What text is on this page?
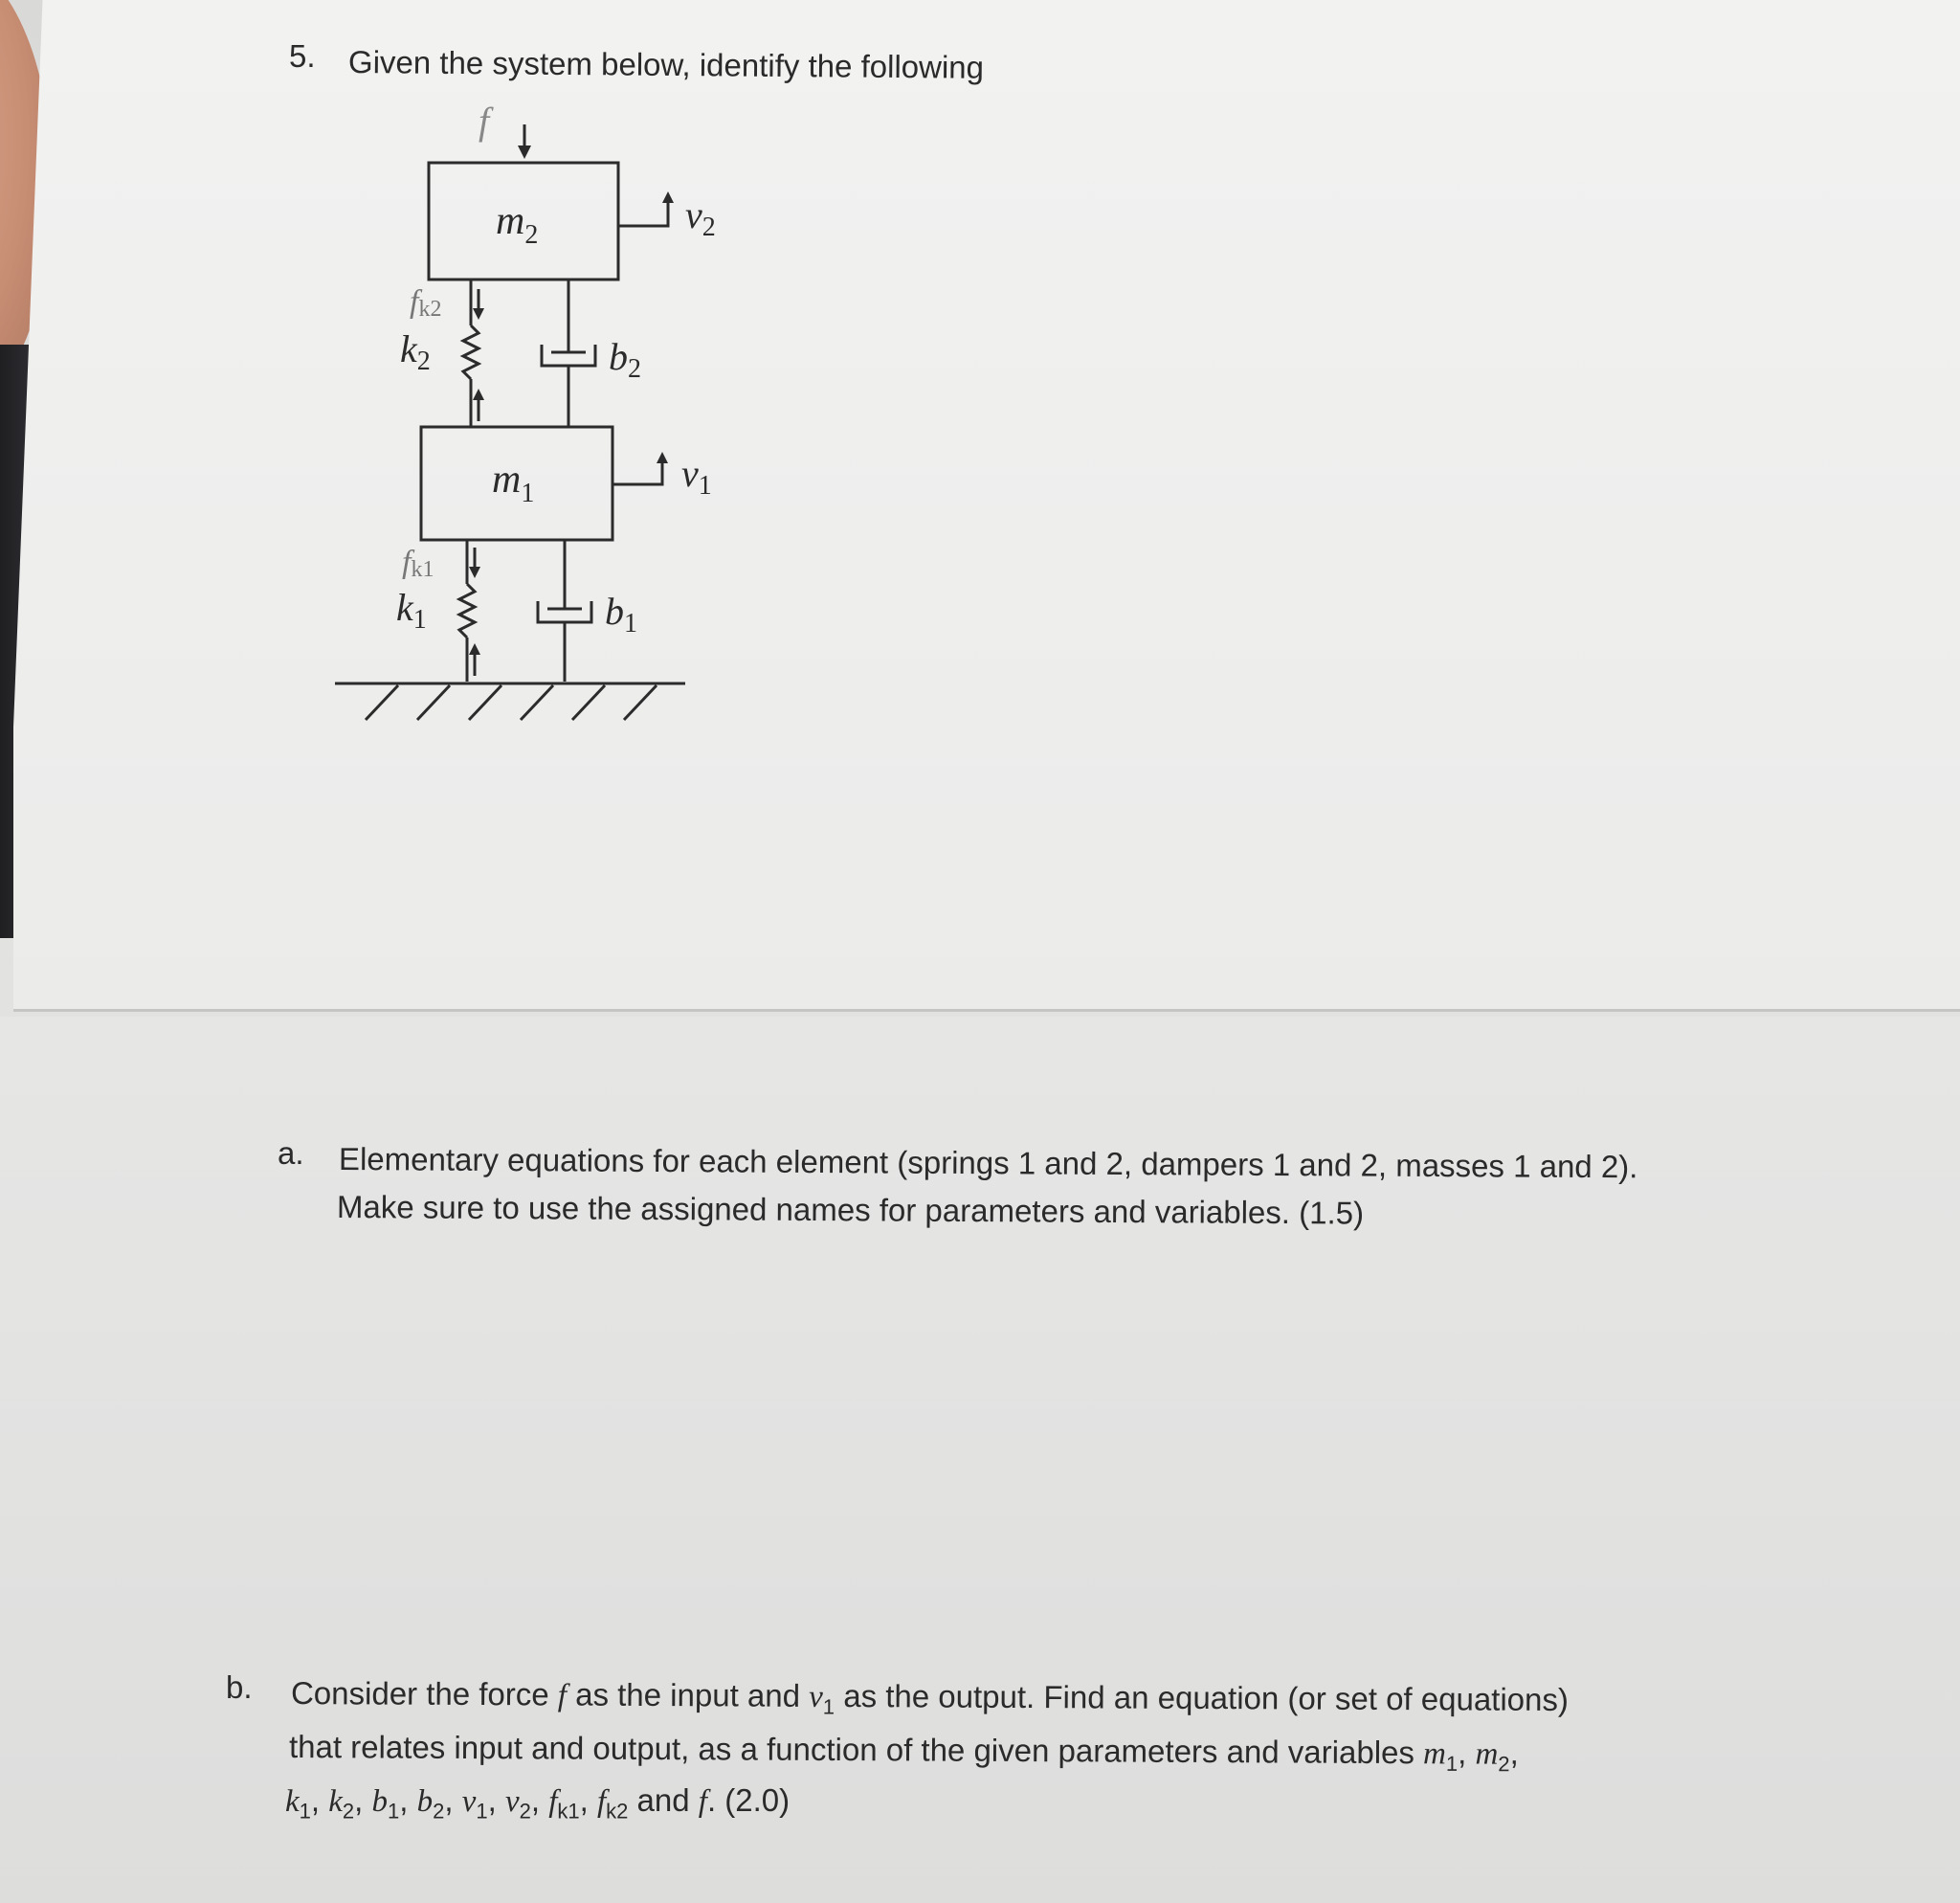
5. Given the system below, identify the following
f
$m_2$	$v_2$
fk2
$k_2$	$b_2$
$m_1$	$v_1$
fk1
$k_1$	$b_1$
a. Elementary equations for each element (springs 1 and 2, dampers 1 and 2, masses 1 and 2).
Make sure to use the assigned names for parameters and variables. (1.5)
b. Consider the force f as the input and $v_1$ as the output. Find an equation (or set of equations)
that relates input and output, as a function of the given parameters and variables $m_1$, $m_2$,
$k_1$, $k_2$, $b_1$, $b_2$, $v_1$, $v_2$, $f_{k1}$, $f_{k2}$ and f. (2.0)
